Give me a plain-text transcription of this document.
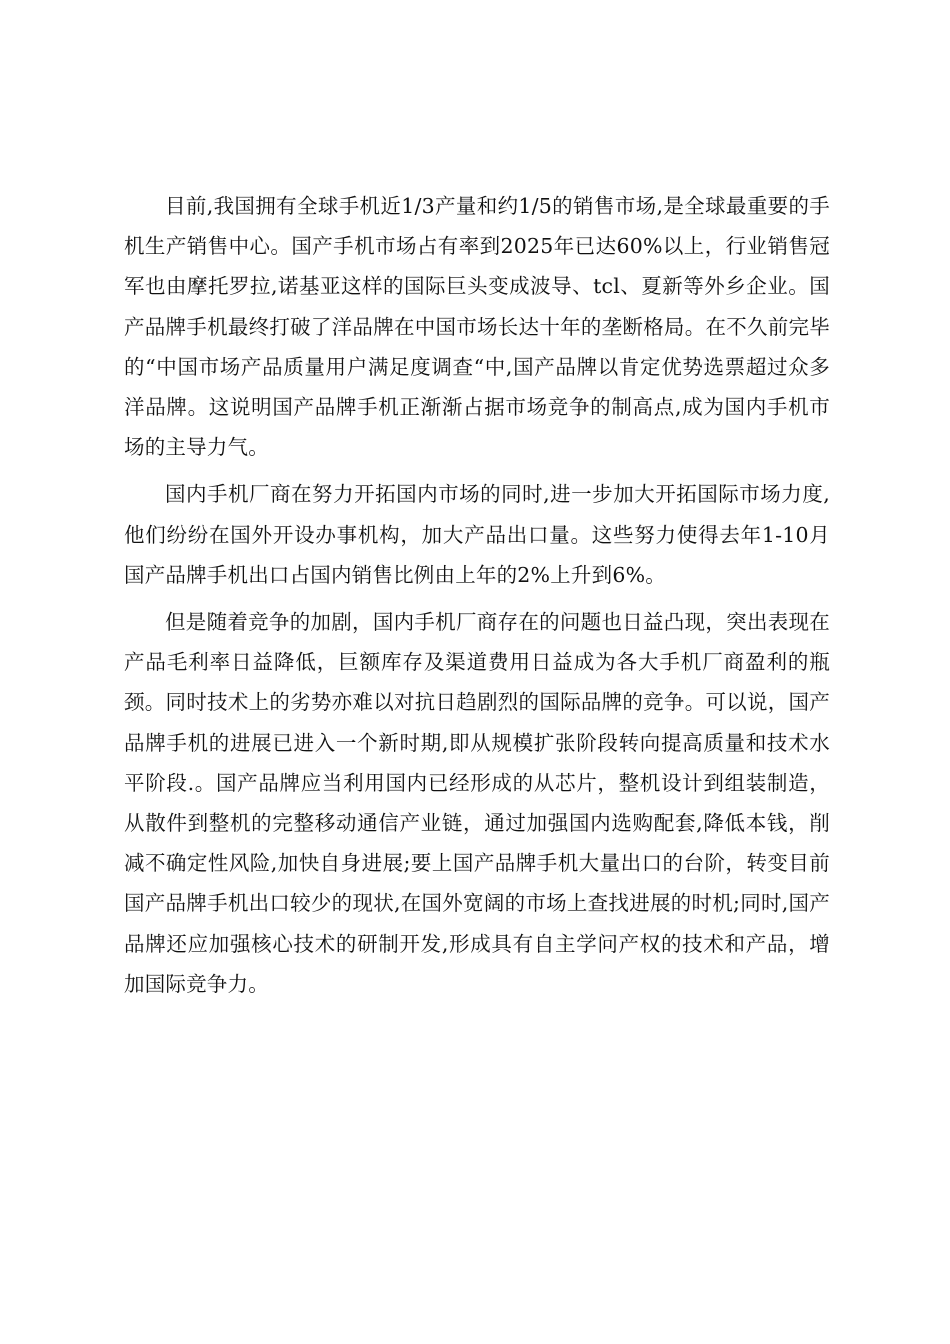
目前,我国拥有全球手机近1/3产量和约1/5的销售市场,是全球最重要的手机生产销售中心。国产手机市场占有率到2025年已达60%以上，行业销售冠军也由摩托罗拉,诺基亚这样的国际巨头变成波导、tcl、夏新等外乡企业。国产品牌手机最终打破了洋品牌在中国市场长达十年的垄断格局。在不久前完毕的“中国市场产品质量用户满足度调查“中,国产品牌以肯定优势选票超过众多洋品牌。这说明国产品牌手机正渐渐占据市场竞争的制高点,成为国内手机市场的主导力气。

国内手机厂商在努力开拓国内市场的同时,进一步加大开拓国际市场力度,他们纷纷在国外开设办事机构，加大产品出口量。这些努力使得去年1-10月国产品牌手机出口占国内销售比例由上年的2%上升到6%。

但是随着竞争的加剧，国内手机厂商存在的问题也日益凸现，突出表现在产品毛利率日益降低，巨额库存及渠道费用日益成为各大手机厂商盈利的瓶颈。同时技术上的劣势亦难以对抗日趋剧烈的国际品牌的竞争。可以说，国产品牌手机的进展已进入一个新时期,即从规模扩张阶段转向提高质量和技术水平阶段.。国产品牌应当利用国内已经形成的从芯片，整机设计到组装制造，从散件到整机的完整移动通信产业链，通过加强国内选购配套,降低本钱，削减不确定性风险,加快自身进展;要上国产品牌手机大量出口的台阶，转变目前国产品牌手机出口较少的现状,在国外宽阔的市场上查找进展的时机;同时,国产品牌还应加强核心技术的研制开发,形成具有自主学问产权的技术和产品，增加国际竞争力。
